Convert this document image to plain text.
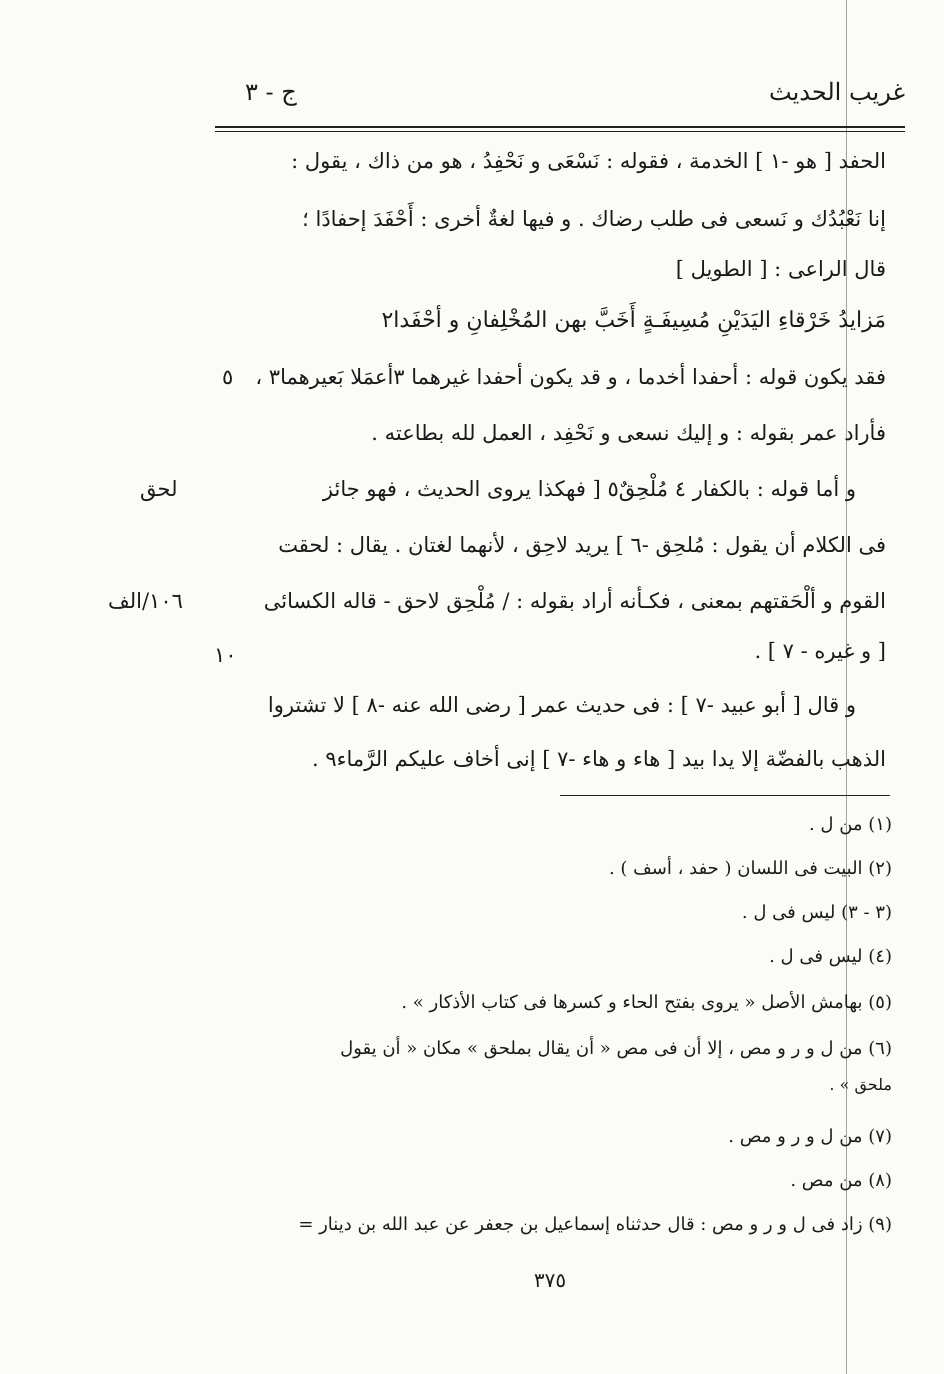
غريب الحديث
ج - ٣
الحفد [ هو -١ ] الخدمة ، فقوله : نَسْعَى و نَحْفِدُ ، هو من ذاك ، يقول :
إنا نَعْبُدُك و نَسعى فى طلب رضاك . و فيها لغةٌ أخرى : أَحْفَدَ إحفادًا ؛
قال الراعى : [ الطويل ]
مَزايدُ خَرْقاءِ اليَدَيْنِ مُسِيفَـةٍ أَخَبَّ بهن المُخْلِفانِ و أحْفَدا٢
فقد يكون قوله : أحفدا أخدما ، و قد يكون أحفدا غيرهما ٣أعمَلا بَعيرهما٣ ،
فأراد عمر بقوله : و إليك نسعى و نَحْفِد ، العمل لله بطاعته .
و أما قوله : بالكفار ٤ مُلْحِقٌ٥ [ فهكذا يروى الحديث ، فهو جائز
فى الكلام أن يقول : مُلحِق -٦ ] يريد لاحِق ، لأنهما لغتان . يقال : لحقت
القوم و ألْحَقتهم بمعنى ، فكـأنه أراد بقوله : / مُلْحِق لاحق - قاله الكسائى
[ و غيره - ٧ ] .
و قال [ أبو عبيد -٧ ] : فى حديث عمر [ رضى الله عنه -٨ ] لا تشتروا
الذهب بالفضّة إلا يدا بيد [ هاء و هاء -٧ ] إنى أخاف عليكم الرَّماء٩ .
٥
لحق
١٠٦/الف
١٠
(١) من ل .
(٢) البيت فى اللسان ( حفد ، أسف ) .
(٣ - ٣) ليس فى ل .
(٤) ليس فى ل .
(٥) بهامش الأصل « يروى بفتح الحاء و كسرها فى كتاب الأذكار » .
(٦) من ل و ر و مص ، إلا أن فى مص « أن يقال بملحق » مكان « أن يقول
ملحق » .
(٧) من ل و ر و مص .
(٨) من مص .
(٩) زاد فى ل و ر و مص : قال حدثناه إسماعيل بن جعفر عن عبد الله بن دينار =
٣٧٥
